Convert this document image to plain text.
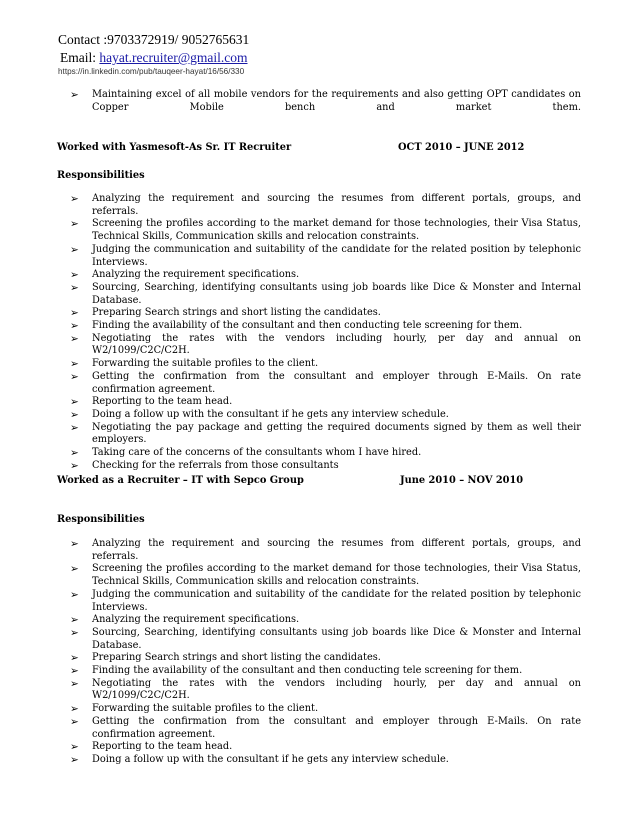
Contact :9703372919/ 9052765631
Email: hayat.recruiter@gmail.com
https://in.linkedin.com/pub/tauqeer-hayat/16/56/330
➢ Maintaining excel of all mobile vendors for the requirements and also getting OPT candidates on Copper Mobile bench and market them.
Worked with Yasmesoft-As Sr. IT Recruiter	OCT 2010 – JUNE 2012
Responsibilities
➢ Analyzing the requirement and sourcing the resumes from different portals, groups, and referrals.
➢ Screening the profiles according to the market demand for those technologies, their Visa Status, Technical Skills, Communication skills and relocation constraints.
➢ Judging the communication and suitability of the candidate for the related position by telephonic Interviews.
➢ Analyzing the requirement specifications.
➢ Sourcing, Searching, identifying consultants using job boards like Dice & Monster and Internal Database.
➢ Preparing Search strings and short listing the candidates.
➢ Finding the availability of the consultant and then conducting tele screening for them.
➢ Negotiating the rates with the vendors including hourly, per day and annual on W2/1099/C2C/C2H.
➢ Forwarding the suitable profiles to the client.
➢ Getting the confirmation from the consultant and employer through E-Mails. On rate confirmation agreement.
➢ Reporting to the team head.
➢ Doing a follow up with the consultant if he gets any interview schedule.
➢ Negotiating the pay package and getting the required documents signed by them as well their employers.
➢ Taking care of the concerns of the consultants whom I have hired.
➢ Checking for the referrals from those consultants
Worked as a Recruiter – IT with Sepco Group	June 2010 – NOV 2010
Responsibilities
➢ Analyzing the requirement and sourcing the resumes from different portals, groups, and referrals.
➢ Screening the profiles according to the market demand for those technologies, their Visa Status, Technical Skills, Communication skills and relocation constraints.
➢ Judging the communication and suitability of the candidate for the related position by telephonic Interviews.
➢ Analyzing the requirement specifications.
➢ Sourcing, Searching, identifying consultants using job boards like Dice & Monster and Internal Database.
➢ Preparing Search strings and short listing the candidates.
➢ Finding the availability of the consultant and then conducting tele screening for them.
➢ Negotiating the rates with the vendors including hourly, per day and annual on W2/1099/C2C/C2H.
➢ Forwarding the suitable profiles to the client.
➢ Getting the confirmation from the consultant and employer through E-Mails. On rate confirmation agreement.
➢ Reporting to the team head.
➢ Doing a follow up with the consultant if he gets any interview schedule.
